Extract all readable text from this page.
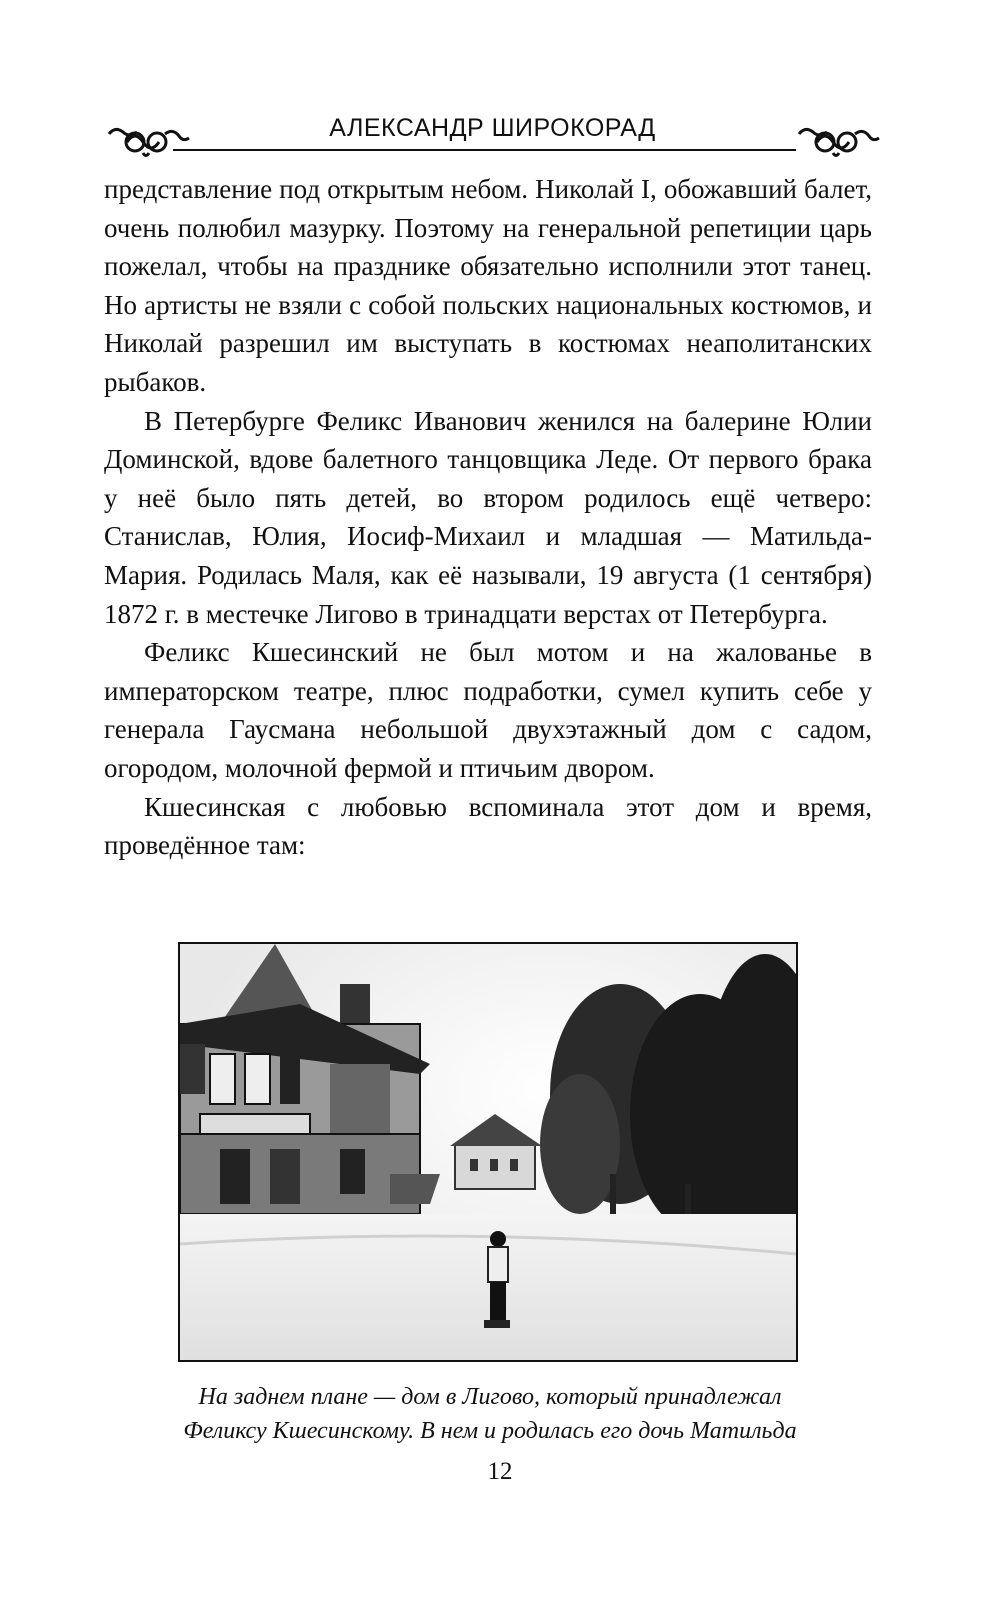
АЛЕКСАНДР ШИРОКОРАД

представление под открытым небом. Николай I, обожавший балет, очень полюбил мазурку. Поэтому на генеральной репетиции царь пожелал, чтобы на празднике обязательно исполнили этот танец. Но артисты не взяли с собой польских национальных костюмов, и Николай разрешил им выступать в костюмах неаполитанских рыбаков.

В Петербурге Феликс Иванович женился на балерине Юлии Доминской, вдове балетного танцовщика Леде. От первого брака у неё было пять детей, во втором родилось ещё четверо: Станислав, Юлия, Иосиф-Михаил и младшая — Матильда-Мария. Родилась Маля, как её называли, 19 августа (1 сентября) 1872 г. в местечке Лигово в тринадцати верстах от Петербурга.

Феликс Кшесинский не был мотом и на жалованье в императорском театре, плюс подработки, сумел купить себе у генерала Гаусмана небольшой двухэтажный дом с садом, огородом, молочной фермой и птичьим двором.

Кшесинская с любовью вспоминала этот дом и время, проведённое там:

На заднем плане — дом в Лигово, который принадлежал
Феликсу Кшесинскому. В нем и родилась его дочь Матильда
12
